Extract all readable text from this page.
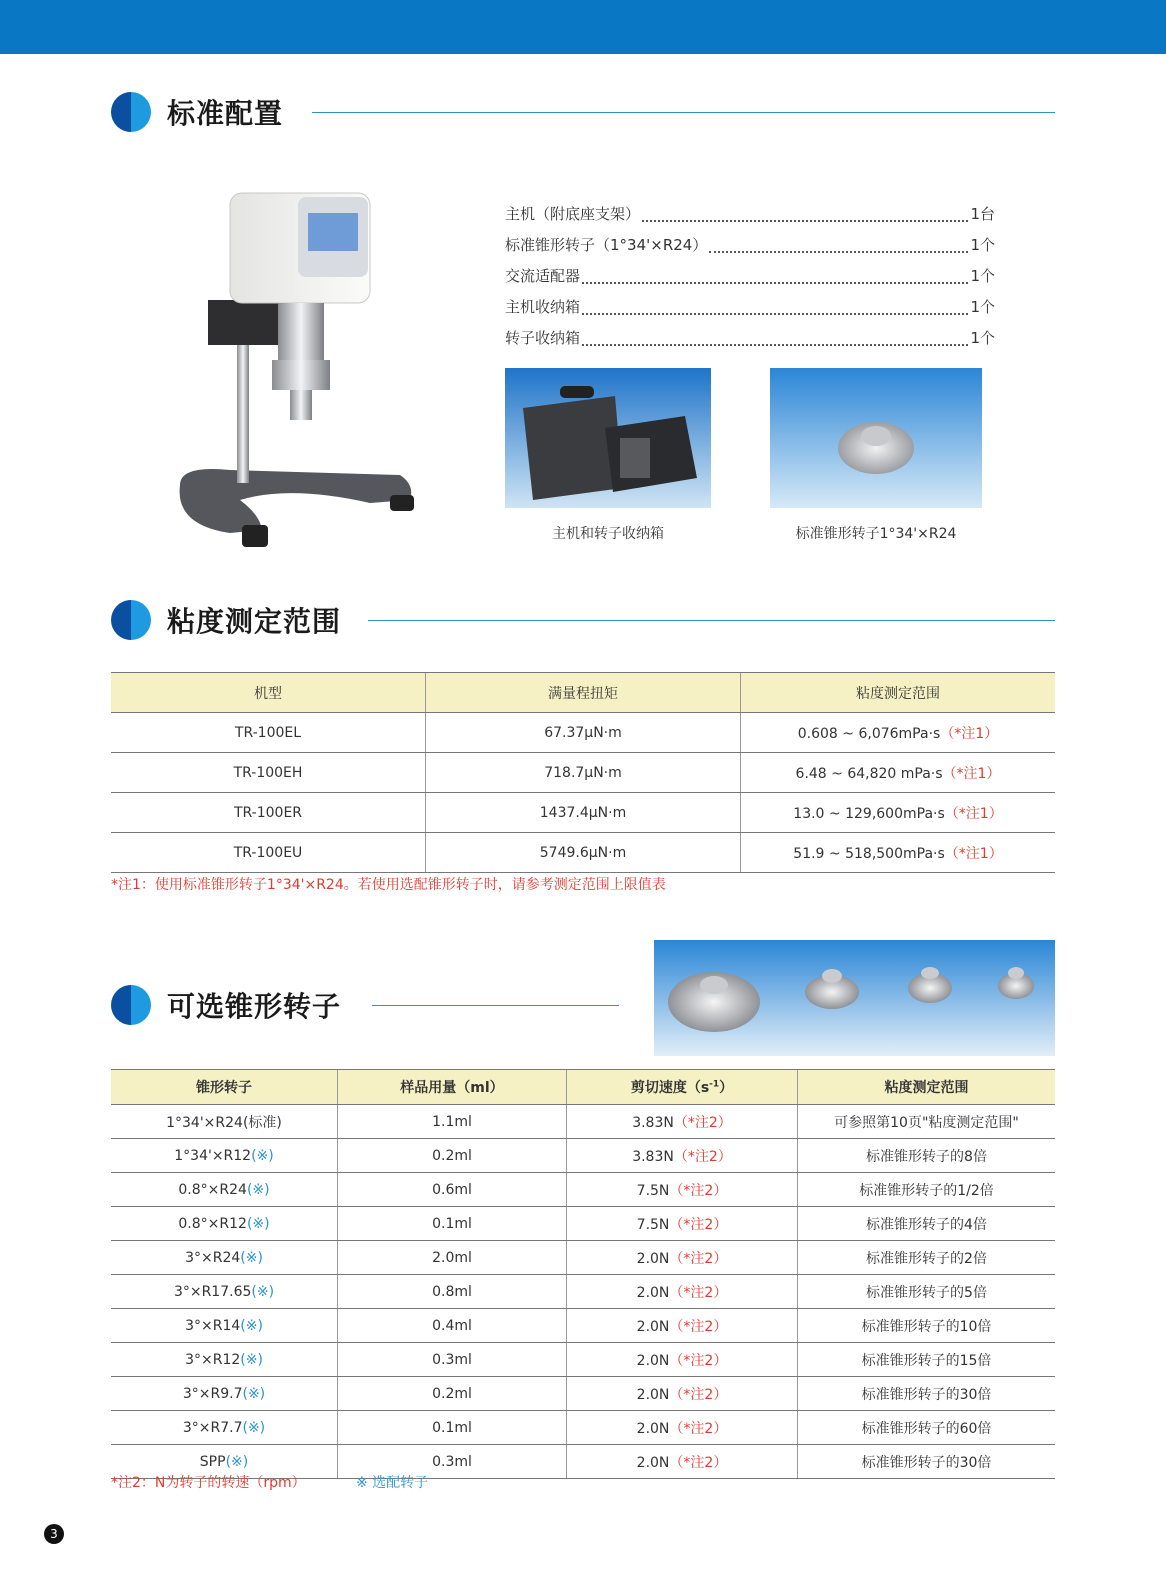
标准配置
主机（附底座支架）	1台
标准锥形转子（1°34'×R24）	1个
交流适配器	1个
主机收纳箱	1个
转子收纳箱	1个
主机和转子收纳箱	标准锥形转子1°34'×R24
粘度测定范围
机型	满量程扭矩	粘度测定范围
TR-100EL	67.37μN·m	0.608 ~ 6,076mPa·s（*注1）
TR-100EH	718.7μN·m	6.48 ~ 64,820 mPa·s（*注1）
TR-100ER	1437.4μN·m	13.0 ~ 129,600mPa·s（*注1）
TR-100EU	5749.6μN·m	51.9 ~ 518,500mPa·s（*注1）
*注1：使用标准锥形转子1°34'×R24。若使用选配锥形转子时，请参考测定范围上限值表
可选锥形转子
锥形转子	样品用量（ml）	剪切速度$(s^{-1})$	粘度测定范围
1°34'×R24(标准)	1.1ml	3.83N（*注2）	可参照第10页"粘度测定范围"
1°34'×R12(※)	0.2ml	3.83N（*注2）	标准锥形转子的8倍
0.8°×R24(※)	0.6ml	7.5N（*注2）	标准锥形转子的1/2倍
0.8°×R12(※)	0.1ml	7.5N（*注2）	标准锥形转子的4倍
3°×R24(※)	2.0ml	2.0N（*注2）	标准锥形转子的2倍
3°×R17.65(※)	0.8ml	2.0N（*注2）	标准锥形转子的5倍
3°×R14(※)	0.4ml	2.0N（*注2）	标准锥形转子的10倍
3°×R12(※)	0.3ml	2.0N（*注2）	标准锥形转子的15倍
3°×R9.7(※)	0.2ml	2.0N（*注2）	标准锥形转子的30倍
3°×R7.7(※)	0.1ml	2.0N（*注2）	标准锥形转子的60倍
SPP(※)	0.3ml	2.0N（*注2）	标准锥形转子的30倍
*注2：N为转子的转速（rpm）	※ 选配转子
3
